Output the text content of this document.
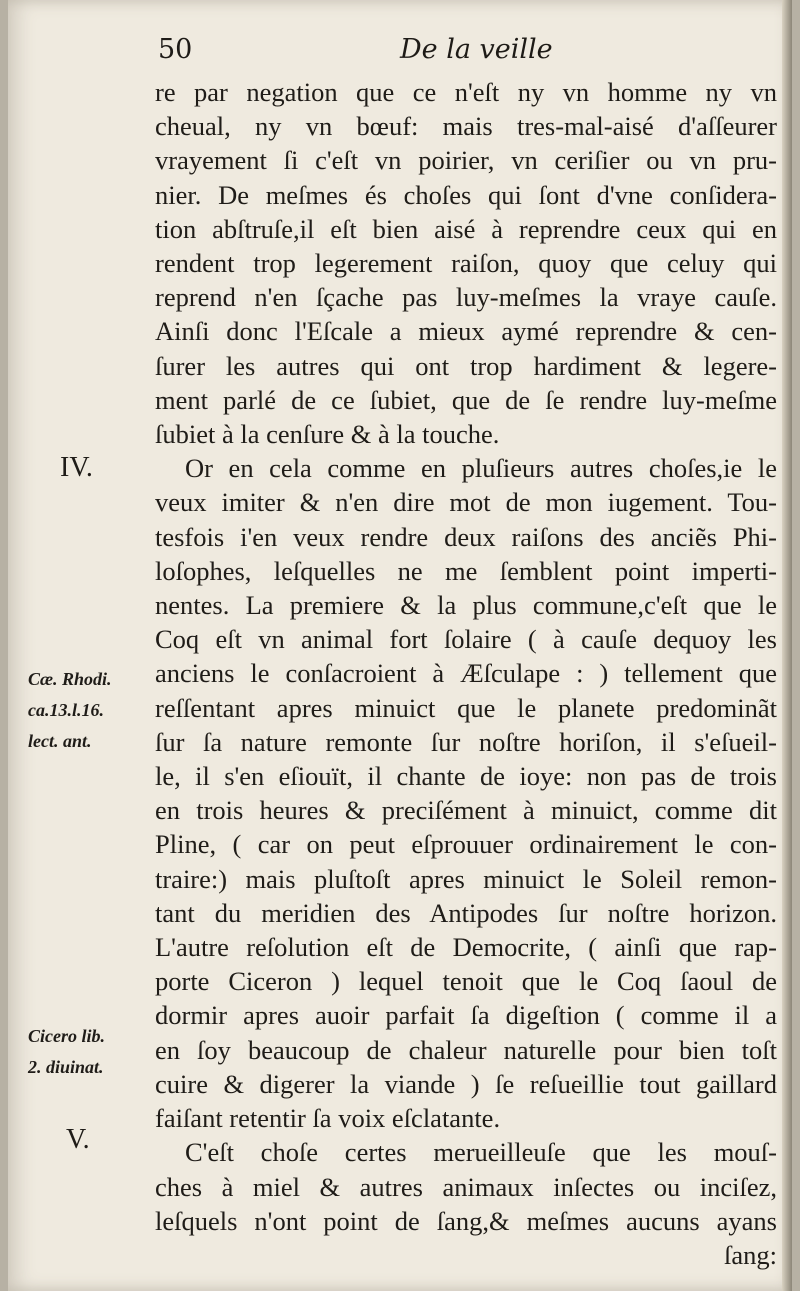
50	De la veille
IV.
V.
Cæ. Rhodi.
ca.13.l.16.
lect. ant.
Cicero lib.
2. diuinat.
re par negation que ce n'eſt ny vn homme ny vn
cheual, ny vn bœuf: mais tres-mal-aisé d'aſſeurer
vrayement ſi c'eſt vn poirier, vn ceriſier ou vn pru-
nier. De meſmes és choſes qui ſont d'vne conſidera-
tion abſtruſe,il eſt bien aisé à reprendre ceux qui en
rendent trop legerement raiſon, quoy que celuy qui
reprend n'en ſçache pas luy-meſmes la vraye cauſe.
Ainſi donc l'Eſcale a mieux aymé reprendre & cen-
ſurer les autres qui ont trop hardiment & legere-
ment parlé de ce ſubiet, que de ſe rendre luy-meſme
ſubiet à la cenſure & à la touche.
Or en cela comme en pluſieurs autres choſes,ie le
veux imiter & n'en dire mot de mon iugement. Tou-
tesfois i'en veux rendre deux raiſons des anciẽs Phi-
loſophes, leſquelles ne me ſemblent point imperti-
nentes. La premiere & la plus commune,c'eſt que le
Coq eſt vn animal fort ſolaire ( à cauſe dequoy les
anciens le conſacroient à Æſculape : ) tellement que
reſſentant apres minuict que le planete predominãt
ſur ſa nature remonte ſur noſtre horiſon, il s'eſueil-
le, il s'en eſiouït, il chante de ioye: non pas de trois
en trois heures & preciſément à minuict, comme dit
Pline, ( car on peut eſprouuer ordinairement le con-
traire:) mais pluſtoſt apres minuict le Soleil remon-
tant du meridien des Antipodes ſur noſtre horizon.
L'autre reſolution eſt de Democrite, ( ainſi que rap-
porte Ciceron ) lequel tenoit que le Coq ſaoul de
dormir apres auoir parfait ſa digeſtion ( comme il a
en ſoy beaucoup de chaleur naturelle pour bien toſt
cuire & digerer la viande ) ſe reſueillie tout gaillard
faiſant retentir ſa voix eſclatante.
C'eſt choſe certes merueilleuſe que les mouſ-
ches à miel & autres animaux inſectes ou inciſez,
leſquels n'ont point de ſang,& meſmes aucuns ayans
ſang:
